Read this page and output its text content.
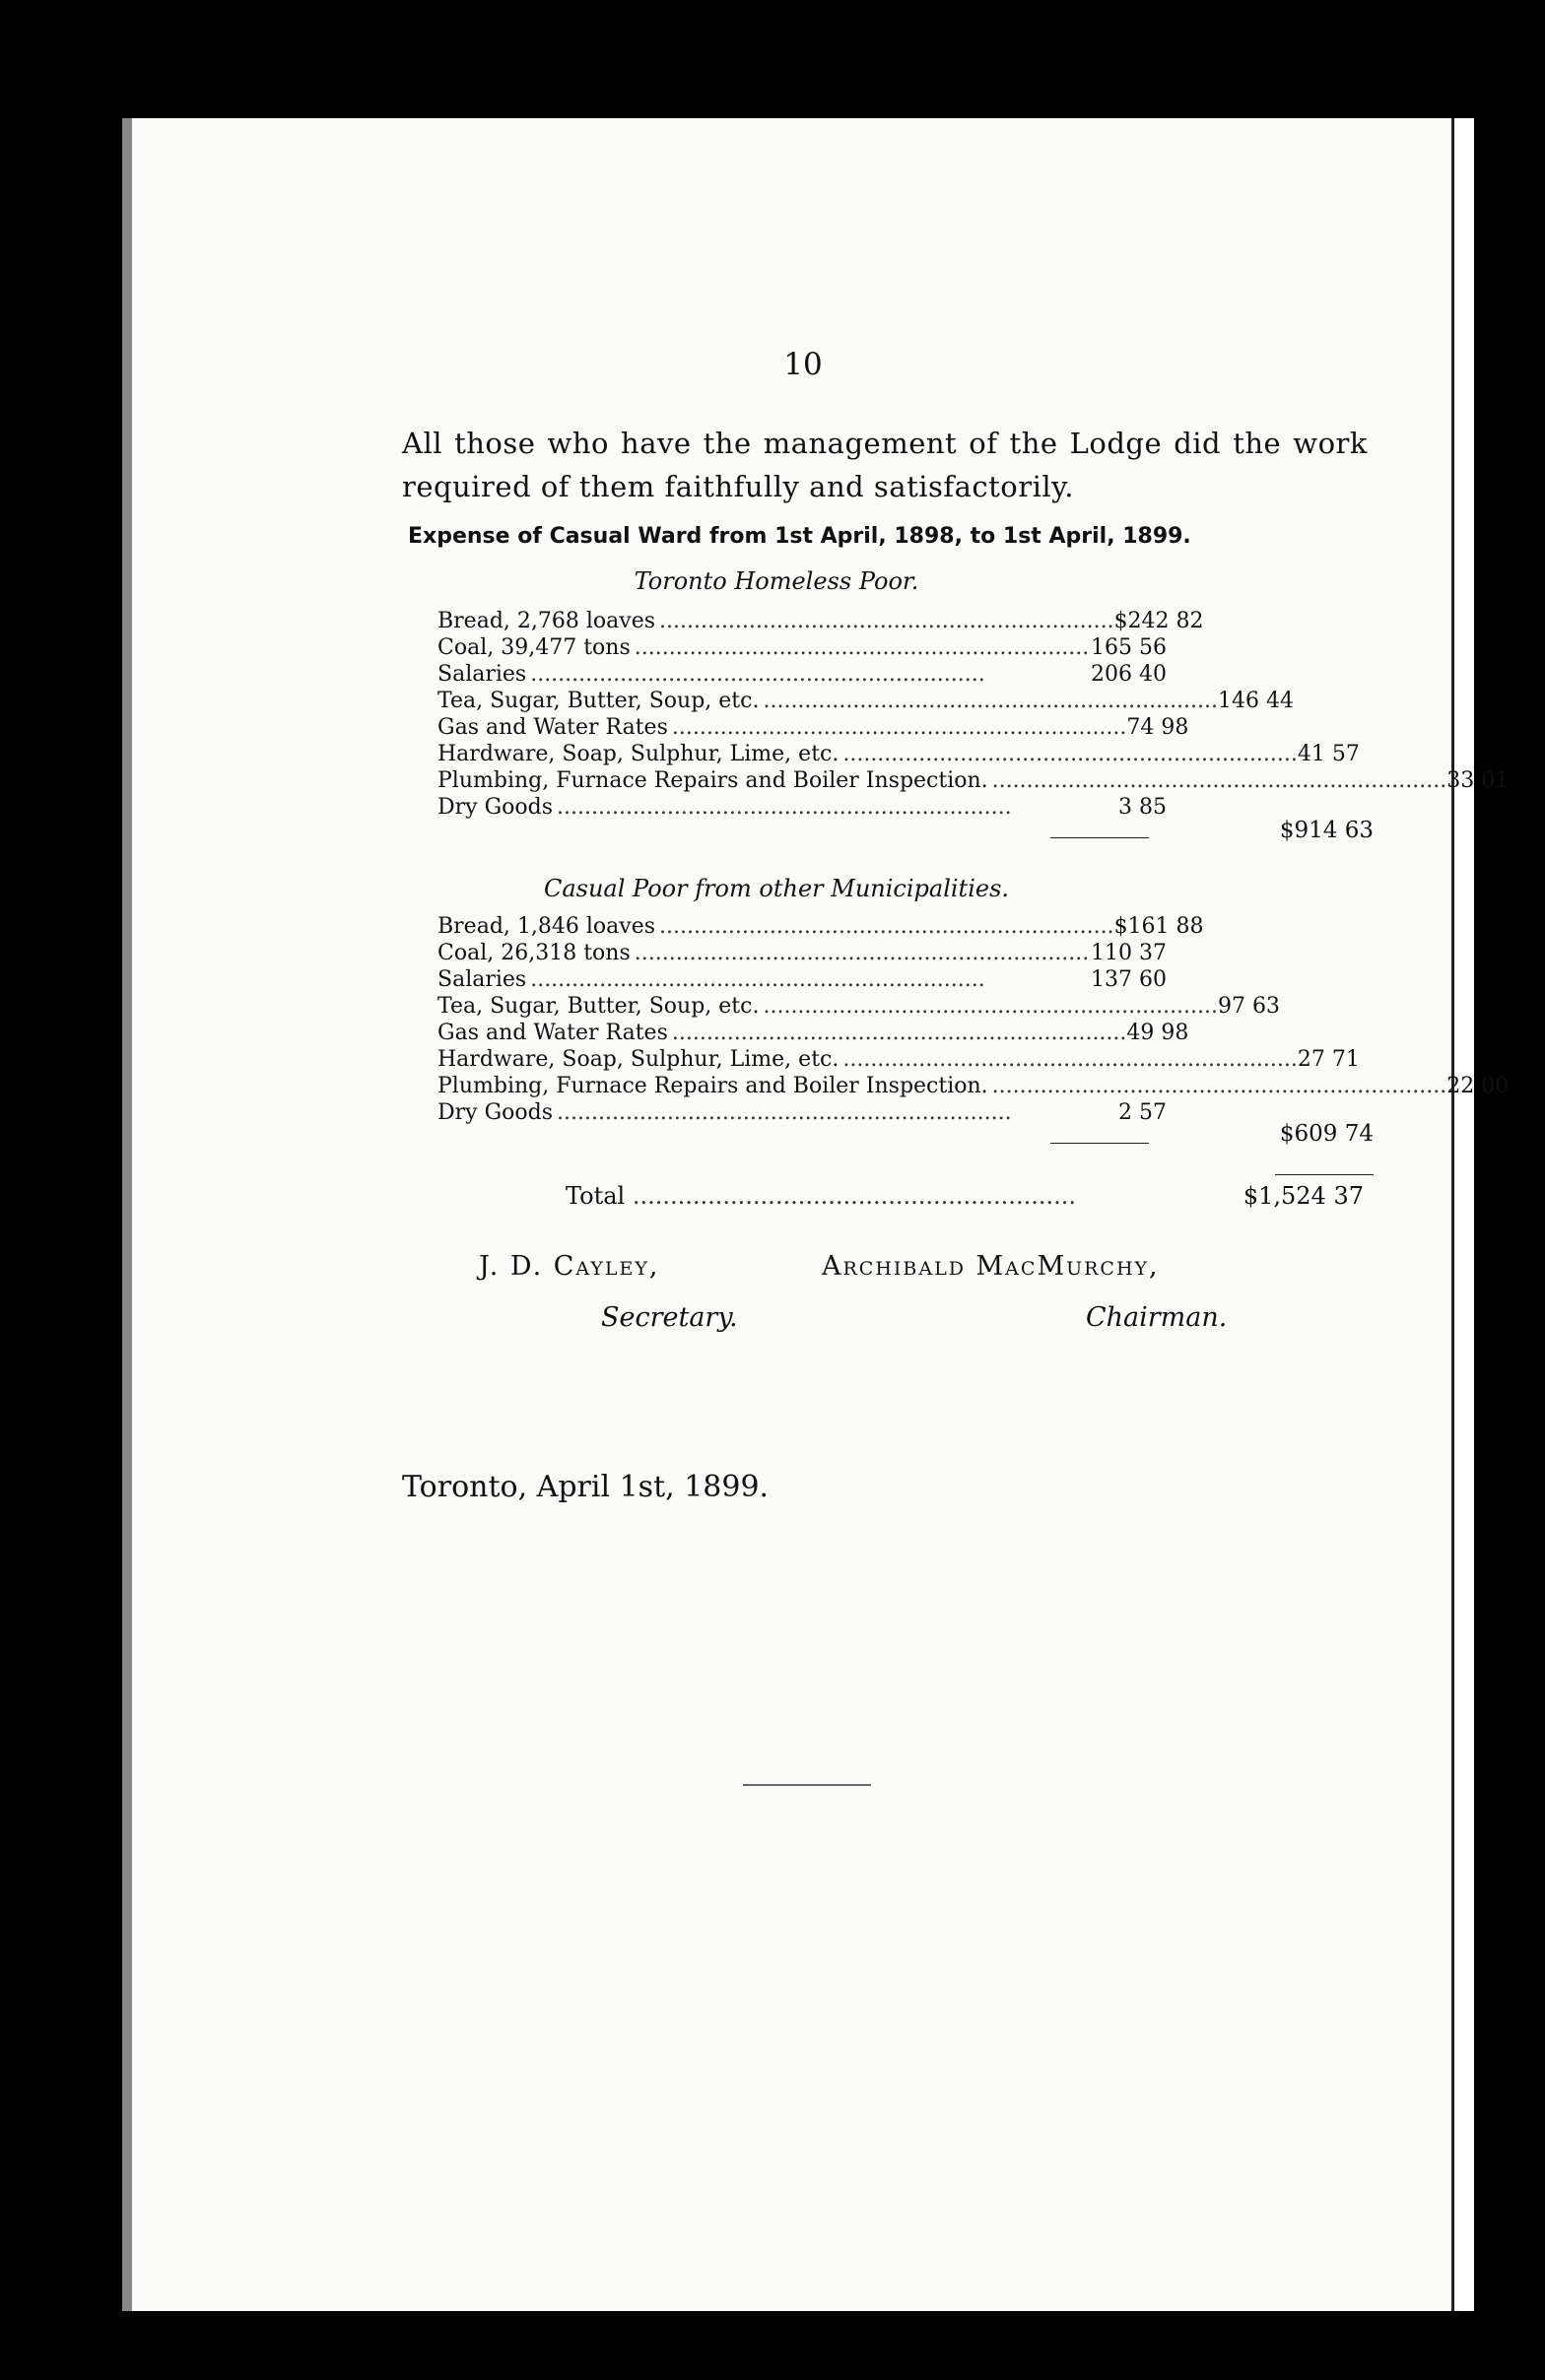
10
All those who have the management of the Lodge did the work required of them faithfully and satisfactorily.
Expense of Casual Ward from 1st April, 1898, to 1st April, 1899.
Toronto Homeless Poor.
Bread, 2,768 loaves .................................................................. $242 82
Coal, 39,477 tons .................................................................. 165 56
Salaries ..................................................................	206 40
Tea, Sugar, Butter, Soup, etc. .................................................................. 146 44
Gas and Water Rates .................................................................. 74 98
Hardware, Soap, Sulphur, Lime, etc. .................................................................. 41 57
Plumbing, Furnace Repairs and Boiler Inspection. .................................................................. 33 01
Dry Goods ..................................................................	3 85
$914 63
Casual Poor from other Municipalities.
Bread, 1,846 loaves .................................................................. $161 88
Coal, 26,318 tons .................................................................. 110 37
Salaries ..................................................................	137 60
Tea, Sugar, Butter, Soup, etc. .................................................................. 97 63
Gas and Water Rates .................................................................. 49 98
Hardware, Soap, Sulphur, Lime, etc. .................................................................. 27 71
Plumbing, Furnace Repairs and Boiler Inspection. .................................................................. 22 00
Dry Goods ..................................................................	2 57
$609 74
Total ...........................................................	$1,524 37
J. D. Cayley,
Secretary.
Archibald MacMurchy,
Chairman.
Toronto, April 1st, 1899.
